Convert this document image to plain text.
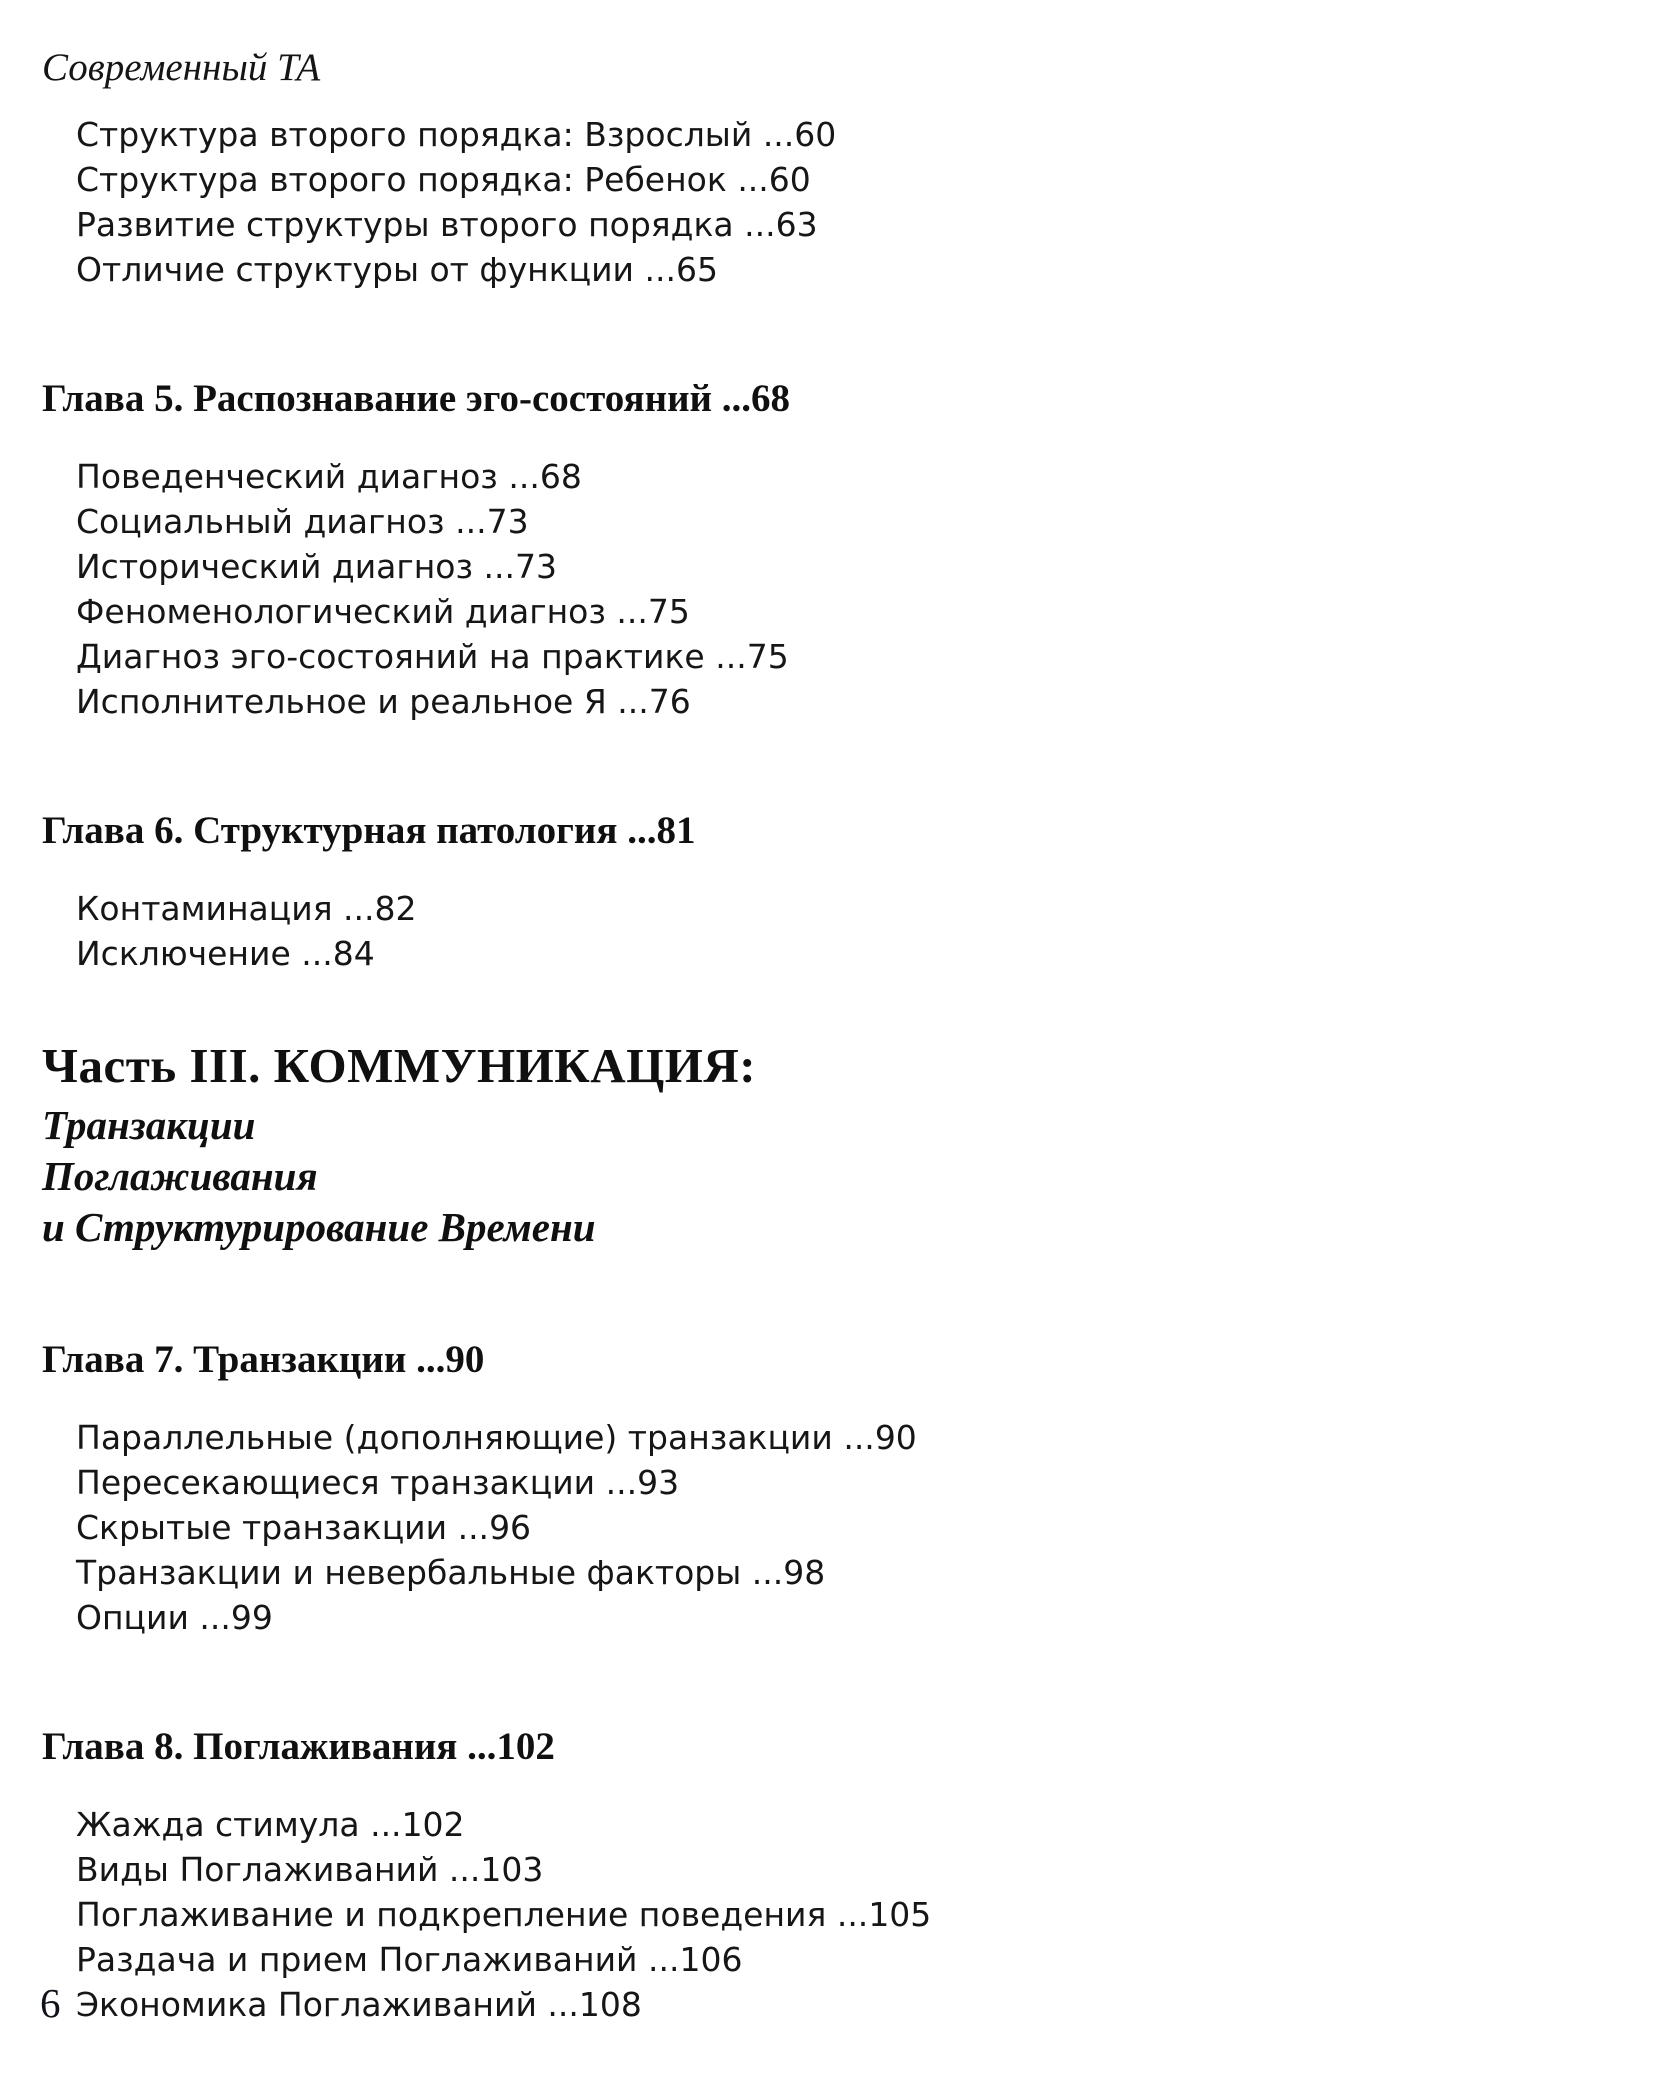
Современный ТА
Структура второго порядка: Взрослый ...60
Структура второго порядка: Ребенок ...60
Развитие структуры второго порядка ...63
Отличие структуры от функции ...65
Глава 5. Распознавание эго-состояний ...68
Поведенческий диагноз ...68
Социальный диагноз ...73
Исторический диагноз ...73
Феноменологический диагноз ...75
Диагноз эго-состояний на практике ...75
Исполнительное и реальное Я ...76
Глава 6. Структурная патология ...81
Контаминация ...82
Исключение ...84
Часть III. КОММУНИКАЦИЯ:
Транзакции
Поглаживания
и Структурирование Времени
Глава 7. Транзакции ...90
Параллельные (дополняющие) транзакции ...90
Пересекающиеся транзакции ...93
Скрытые транзакции ...96
Транзакции и невербальные факторы ...98
Опции ...99
Глава 8. Поглаживания ...102
Жажда стимула ...102
Виды Поглаживаний ...103
Поглаживание и подкрепление поведения ...105
Раздача и прием Поглаживаний ...106
Экономика Поглаживаний ...108
6
